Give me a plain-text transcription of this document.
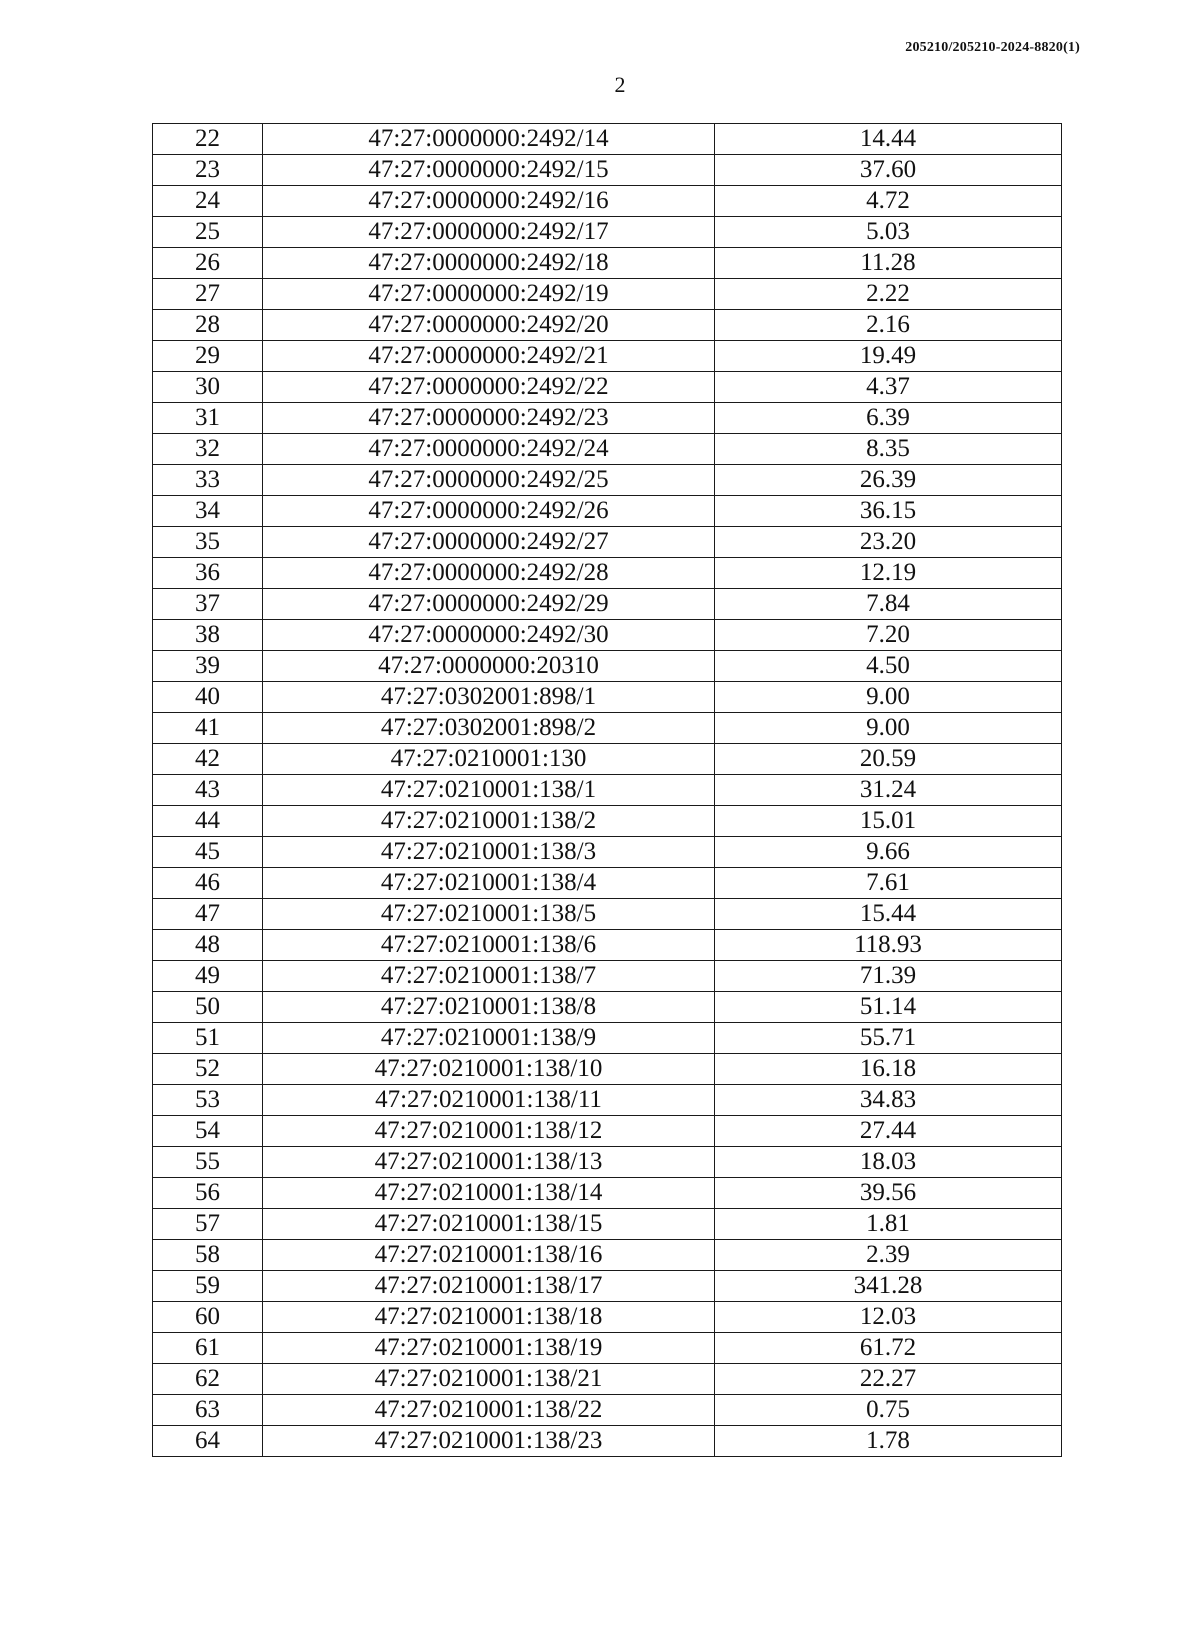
205210/205210-2024-8820(1)
2
22	47:27:0000000:2492/14	14.44
23	47:27:0000000:2492/15	37.60
24	47:27:0000000:2492/16	4.72
25	47:27:0000000:2492/17	5.03
26	47:27:0000000:2492/18	11.28
27	47:27:0000000:2492/19	2.22
28	47:27:0000000:2492/20	2.16
29	47:27:0000000:2492/21	19.49
30	47:27:0000000:2492/22	4.37
31	47:27:0000000:2492/23	6.39
32	47:27:0000000:2492/24	8.35
33	47:27:0000000:2492/25	26.39
34	47:27:0000000:2492/26	36.15
35	47:27:0000000:2492/27	23.20
36	47:27:0000000:2492/28	12.19
37	47:27:0000000:2492/29	7.84
38	47:27:0000000:2492/30	7.20
39	47:27:0000000:20310	4.50
40	47:27:0302001:898/1	9.00
41	47:27:0302001:898/2	9.00
42	47:27:0210001:130	20.59
43	47:27:0210001:138/1	31.24
44	47:27:0210001:138/2	15.01
45	47:27:0210001:138/3	9.66
46	47:27:0210001:138/4	7.61
47	47:27:0210001:138/5	15.44
48	47:27:0210001:138/6	118.93
49	47:27:0210001:138/7	71.39
50	47:27:0210001:138/8	51.14
51	47:27:0210001:138/9	55.71
52	47:27:0210001:138/10	16.18
53	47:27:0210001:138/11	34.83
54	47:27:0210001:138/12	27.44
55	47:27:0210001:138/13	18.03
56	47:27:0210001:138/14	39.56
57	47:27:0210001:138/15	1.81
58	47:27:0210001:138/16	2.39
59	47:27:0210001:138/17	341.28
60	47:27:0210001:138/18	12.03
61	47:27:0210001:138/19	61.72
62	47:27:0210001:138/21	22.27
63	47:27:0210001:138/22	0.75
64	47:27:0210001:138/23	1.78
